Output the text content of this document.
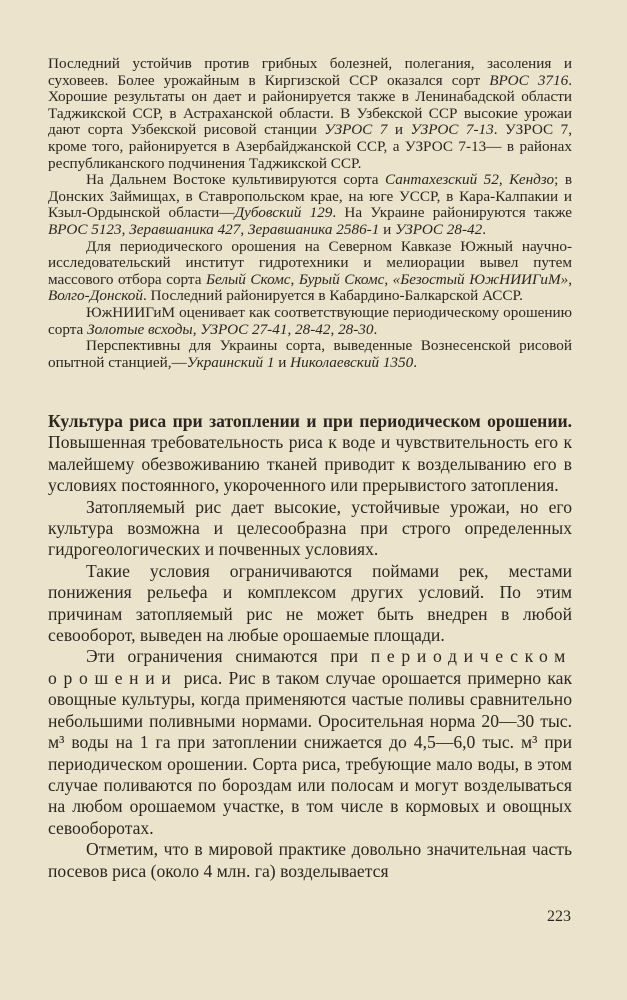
Последний устойчив против грибных болезней, полегания, засоления и суховеев. Более урожайным в Киргизской ССР оказался сорт ВРОС 3716. Хорошие результаты он дает и районируется также в Ленинабадской области Таджикской ССР, в Астраханской области. В Узбекской ССР высокие урожаи дают сорта Узбекской рисовой станции УЗРОС 7 и УЗРОС 7-13. УЗРОС 7, кроме того, районируется в Азербайджанской ССР, а УЗРОС 7-13— в районах республиканского подчинения Таджикской ССР.

На Дальнем Востоке культивируются сорта Сантахезский 52, Кендзо; в Донских Займищах, в Ставропольском крае, на юге УССР, в Кара-Калпакии и Кзыл-Ордынской области—Дубовский 129. На Украине районируются также ВРОС 5123, Зеравшаника 427, Зеравшаника 2586-1 и УЗРОС 28-42.

Для периодического орошения на Северном Кавказе Южный научно-исследовательский институт гидротехники и мелиорации вывел путем массового отбора сорта Белый Скомс, Бурый Скомс, «Безостый ЮжНИИГиМ», Волго-Донской. Последний районируется в Кабардино-Балкарской АССР.

ЮжНИИГиМ оценивает как соответствующие периодическому орошению сорта Золотые всходы, УЗРОС 27-41, 28-42, 28-30.

Перспективны для Украины сорта, выведенные Вознесенской рисовой опытной станцией,—Украинский 1 и Николаевский 1350.

Культура риса при затоплении и при периодическом орошении. Повышенная требовательность риса к воде и чувствительность его к малейшему обезвоживанию тканей приводит к возделыванию его в условиях постоянного, укороченного или прерывистого затопления.

Затопляемый рис дает высокие, устойчивые урожаи, но его культура возможна и целесообразна при строго определенных гидрогеологических и почвенных условиях.

Такие условия ограничиваются поймами рек, местами понижения рельефа и комплексом других условий. По этим причинам затопляемый рис не может быть внедрен в любой севооборот, выведен на любые орошаемые площади.

Эти ограничения снимаются при периодическом орошении риса. Рис в таком случае орошается примерно как овощные культуры, когда применяются частые поливы сравнительно небольшими поливными нормами. Оросительная норма 20—30 тыс. м³ воды на 1 га при затоплении снижается до 4,5—6,0 тыс. м³ при периодическом орошении. Сорта риса, требующие мало воды, в этом случае поливаются по бороздам или полосам и могут возделываться на любом орошаемом участке, в том числе в кормовых и овощных севооборотах.

Отметим, что в мировой практике довольно значительная часть посевов риса (около 4 млн. га) возделывается

223
